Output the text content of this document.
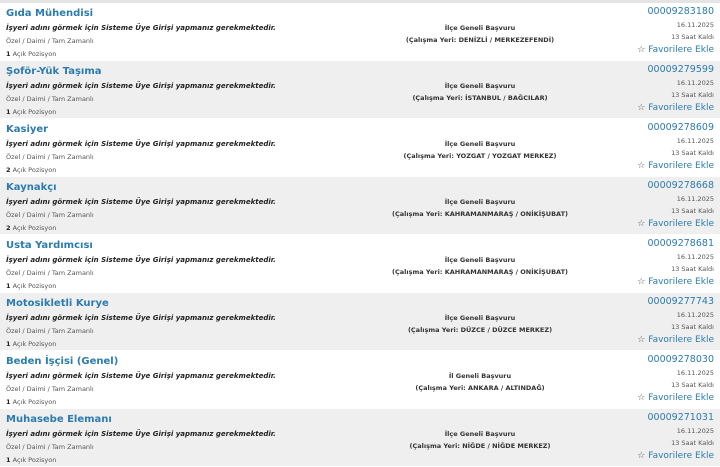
Gıda Mühendisi
İşyeri adını görmek için Sisteme Üye Girişi yapmanız gerekmektedir.
Özel / Daimi / Tam Zamanlı
1 Açık Pozisyon
İlçe Geneli Başvuru
(Çalışma Yeri: DENİZLİ / MERKEZEFENDİ)
00009283180
16.11.2025
13 Saat Kaldı
☆ Favorilere Ekle
Şoför-Yük Taşıma
İşyeri adını görmek için Sisteme Üye Girişi yapmanız gerekmektedir.
Özel / Daimi / Tam Zamanlı
1 Açık Pozisyon
İlçe Geneli Başvuru
(Çalışma Yeri: İSTANBUL / BAĞCILAR)
00009279599
16.11.2025
13 Saat Kaldı
☆ Favorilere Ekle
Kasiyer
İşyeri adını görmek için Sisteme Üye Girişi yapmanız gerekmektedir.
Özel / Daimi / Tam Zamanlı
2 Açık Pozisyon
İlçe Geneli Başvuru
(Çalışma Yeri: YOZGAT / YOZGAT MERKEZ)
00009278609
16.11.2025
13 Saat Kaldı
☆ Favorilere Ekle
Kaynakçı
İşyeri adını görmek için Sisteme Üye Girişi yapmanız gerekmektedir.
Özel / Daimi / Tam Zamanlı
2 Açık Pozisyon
İlçe Geneli Başvuru
(Çalışma Yeri: KAHRAMANMARAŞ / ONİKİŞUBAT)
00009278668
16.11.2025
13 Saat Kaldı
☆ Favorilere Ekle
Usta Yardımcısı
İşyeri adını görmek için Sisteme Üye Girişi yapmanız gerekmektedir.
Özel / Daimi / Tam Zamanlı
1 Açık Pozisyon
İlçe Geneli Başvuru
(Çalışma Yeri: KAHRAMANMARAŞ / ONİKİŞUBAT)
00009278681
16.11.2025
13 Saat Kaldı
☆ Favorilere Ekle
Motosikletli Kurye
İşyeri adını görmek için Sisteme Üye Girişi yapmanız gerekmektedir.
Özel / Daimi / Tam Zamanlı
1 Açık Pozisyon
İlçe Geneli Başvuru
(Çalışma Yeri: DÜZCE / DÜZCE MERKEZ)
00009277743
16.11.2025
13 Saat Kaldı
☆ Favorilere Ekle
Beden İşçisi (Genel)
İşyeri adını görmek için Sisteme Üye Girişi yapmanız gerekmektedir.
Özel / Daimi / Tam Zamanlı
1 Açık Pozisyon
İl Geneli Başvuru
(Çalışma Yeri: ANKARA / ALTINDAĞ)
00009278030
16.11.2025
13 Saat Kaldı
☆ Favorilere Ekle
Muhasebe Elemanı
İşyeri adını görmek için Sisteme Üye Girişi yapmanız gerekmektedir.
Özel / Daimi / Tam Zamanlı
1 Açık Pozisyon
İlçe Geneli Başvuru
(Çalışma Yeri: NİĞDE / NİĞDE MERKEZ)
00009271031
16.11.2025
13 Saat Kaldı
☆ Favorilere Ekle
